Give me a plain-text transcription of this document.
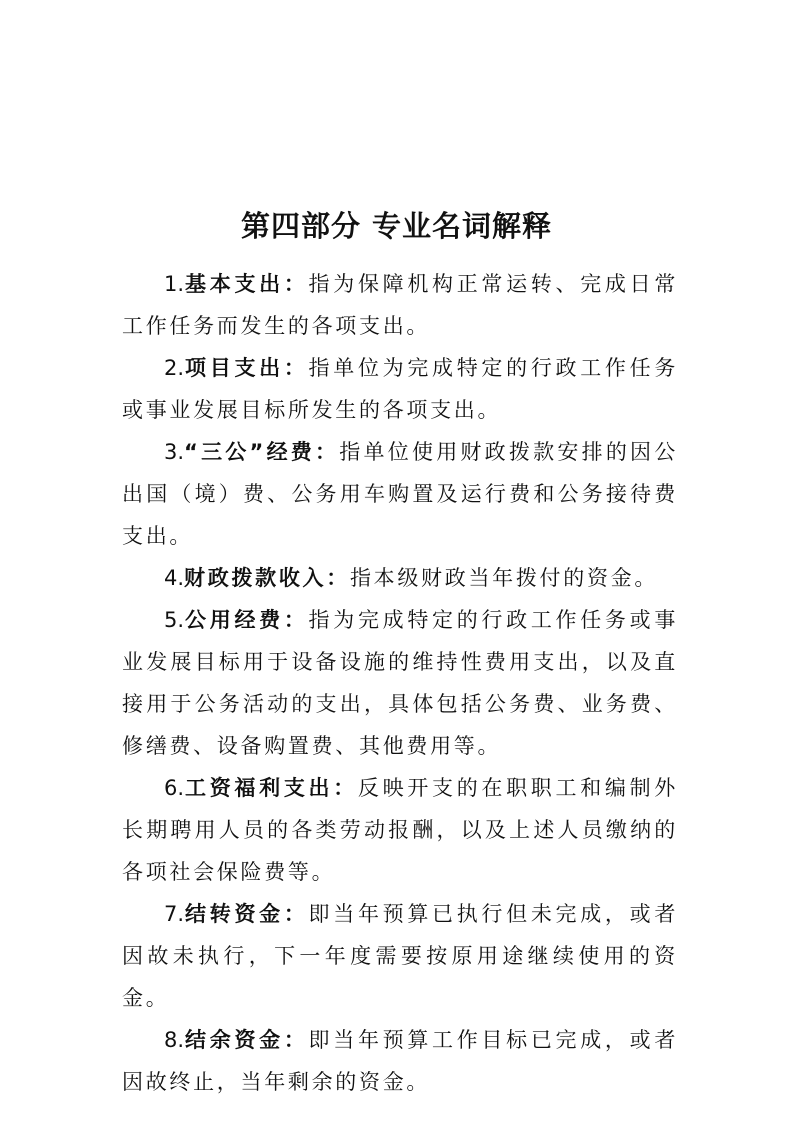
第四部分 专业名词解释

1.基本支出：指为保障机构正常运转、完成日常工作任务而发生的各项支出。

2.项目支出：指单位为完成特定的行政工作任务或事业发展目标所发生的各项支出。

3.“三公”经费：指单位使用财政拨款安排的因公出国（境）费、公务用车购置及运行费和公务接待费支出。

4.财政拨款收入：指本级财政当年拨付的资金。

5.公用经费：指为完成特定的行政工作任务或事业发展目标用于设备设施的维持性费用支出，以及直接用于公务活动的支出，具体包括公务费、业务费、修缮费、设备购置费、其他费用等。

6.工资福利支出：反映开支的在职职工和编制外长期聘用人员的各类劳动报酬，以及上述人员缴纳的各项社会保险费等。

7.结转资金：即当年预算已执行但未完成，或者因故未执行，下一年度需要按原用途继续使用的资金。

8.结余资金：即当年预算工作目标已完成，或者因故终止，当年剩余的资金。
